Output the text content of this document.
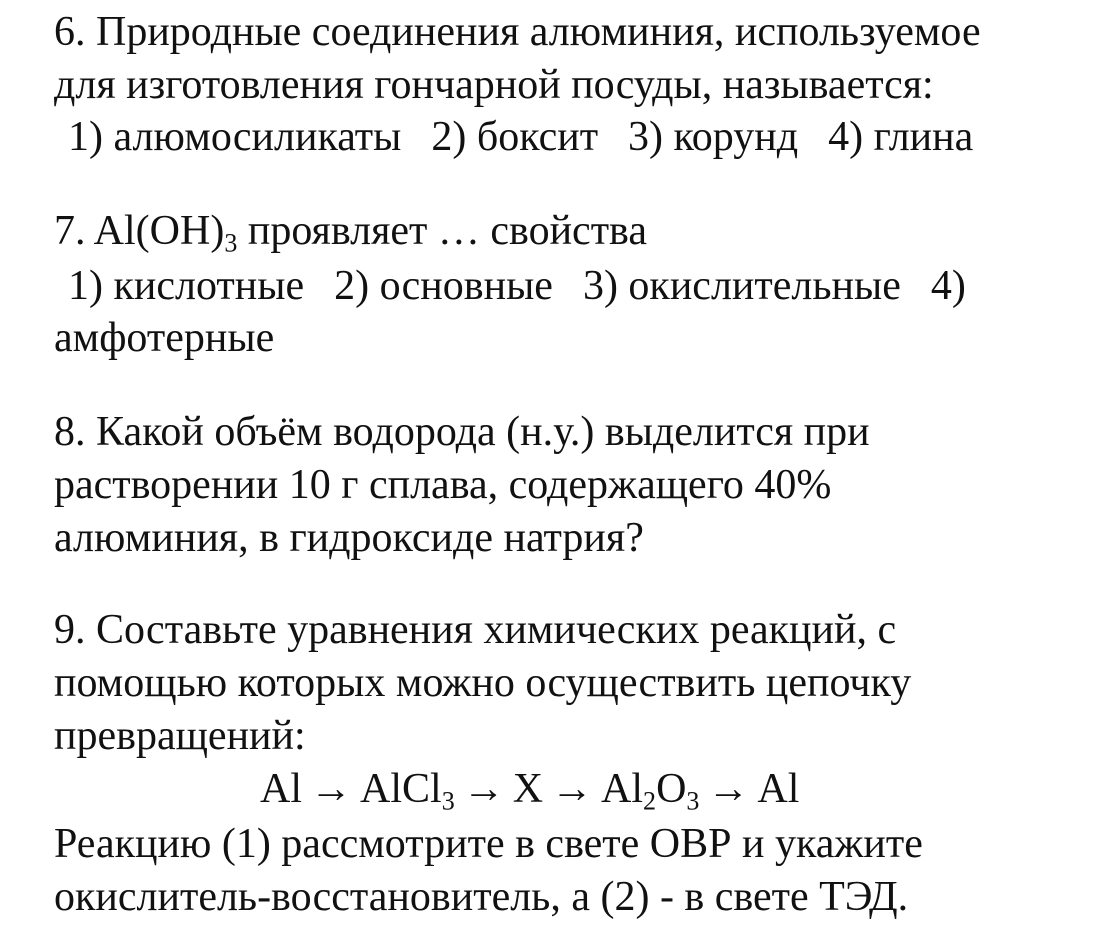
6. Природные соединения алюминия, используемое
для изготовления гончарной посуды, называется:
1) алюмосиликаты 2) боксит 3) корунд 4) глина
7. $Al(OH)_3$ проявляет … свойства
1) кислотные 2) основные 3) окислительные 4)
амфотерные
8. Какой объём водорода (н.у.) выделится при
растворении 10 г сплава, содержащего 40%
алюминия, в гидроксиде натрия?
9. Составьте уравнения химических реакций, с
помощью которых можно осуществить цепочку
превращений:
Al → AlCl$_3$ → $X \to Al_2O_3 \to Al$
Реакцию (1) рассмотрите в свете ОВР и укажите
окислитель-восстановитель, а (2) - в свете ТЭД.
